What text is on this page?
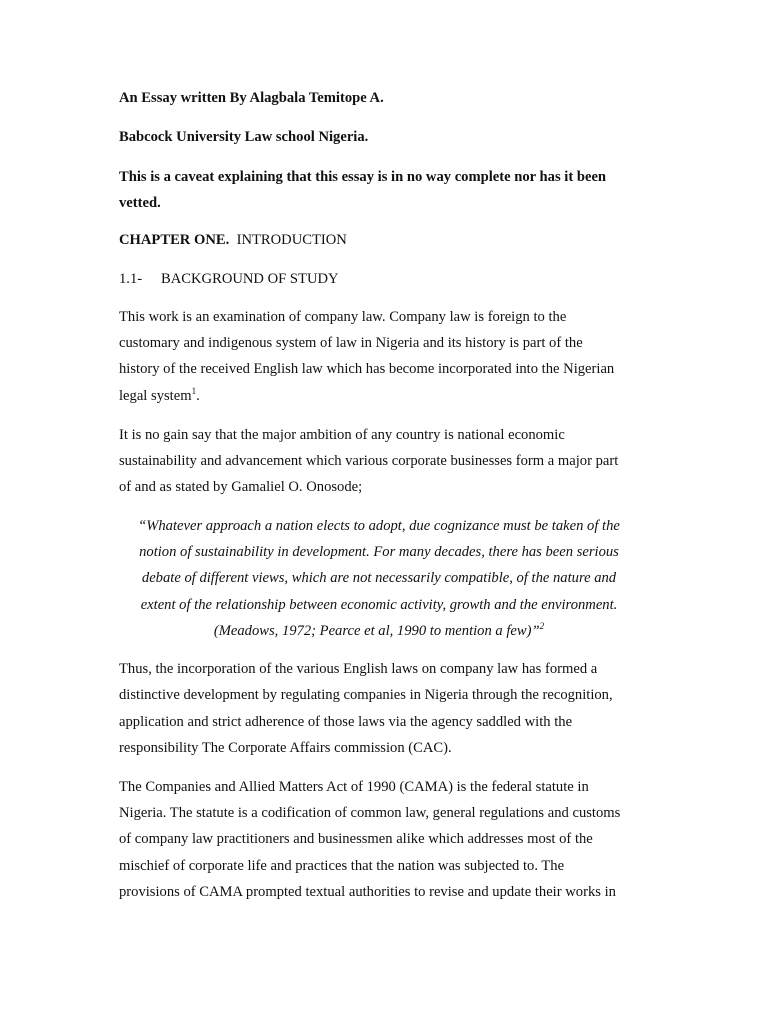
An Essay written By Alagbala Temitope A.
Babcock University Law school Nigeria.
This is a caveat explaining that this essay is in no way complete nor has it been
vetted.
CHAPTER ONE. INTRODUCTION
1.1- BACKGROUND OF STUDY
This work is an examination of company law. Company law is foreign to the
customary and indigenous system of law in Nigeria and its history is part of the
history of the received English law which has become incorporated into the Nigerian
legal system$^1$.
It is no gain say that the major ambition of any country is national economic
sustainability and advancement which various corporate businesses form a major part
of and as stated by Gamaliel O. Onosode;
“Whatever approach a nation elects to adopt, due cognizance must be taken of the
notion of sustainability in development. For many decades, there has been serious
debate of different views, which are not necessarily compatible, of the nature and
extent of the relationship between economic activity, growth and the environment.
(Meadows, 1972; Pearce et al, 1990 to mention a few)”$^2$
Thus, the incorporation of the various English laws on company law has formed a
distinctive development by regulating companies in Nigeria through the recognition,
application and strict adherence of those laws via the agency saddled with the
responsibility The Corporate Affairs commission (CAC).
The Companies and Allied Matters Act of 1990 (CAMA) is the federal statute in
Nigeria. The statute is a codification of common law, general regulations and customs
of company law practitioners and businessmen alike which addresses most of the
mischief of corporate life and practices that the nation was subjected to. The
provisions of CAMA prompted textual authorities to revise and update their works in
